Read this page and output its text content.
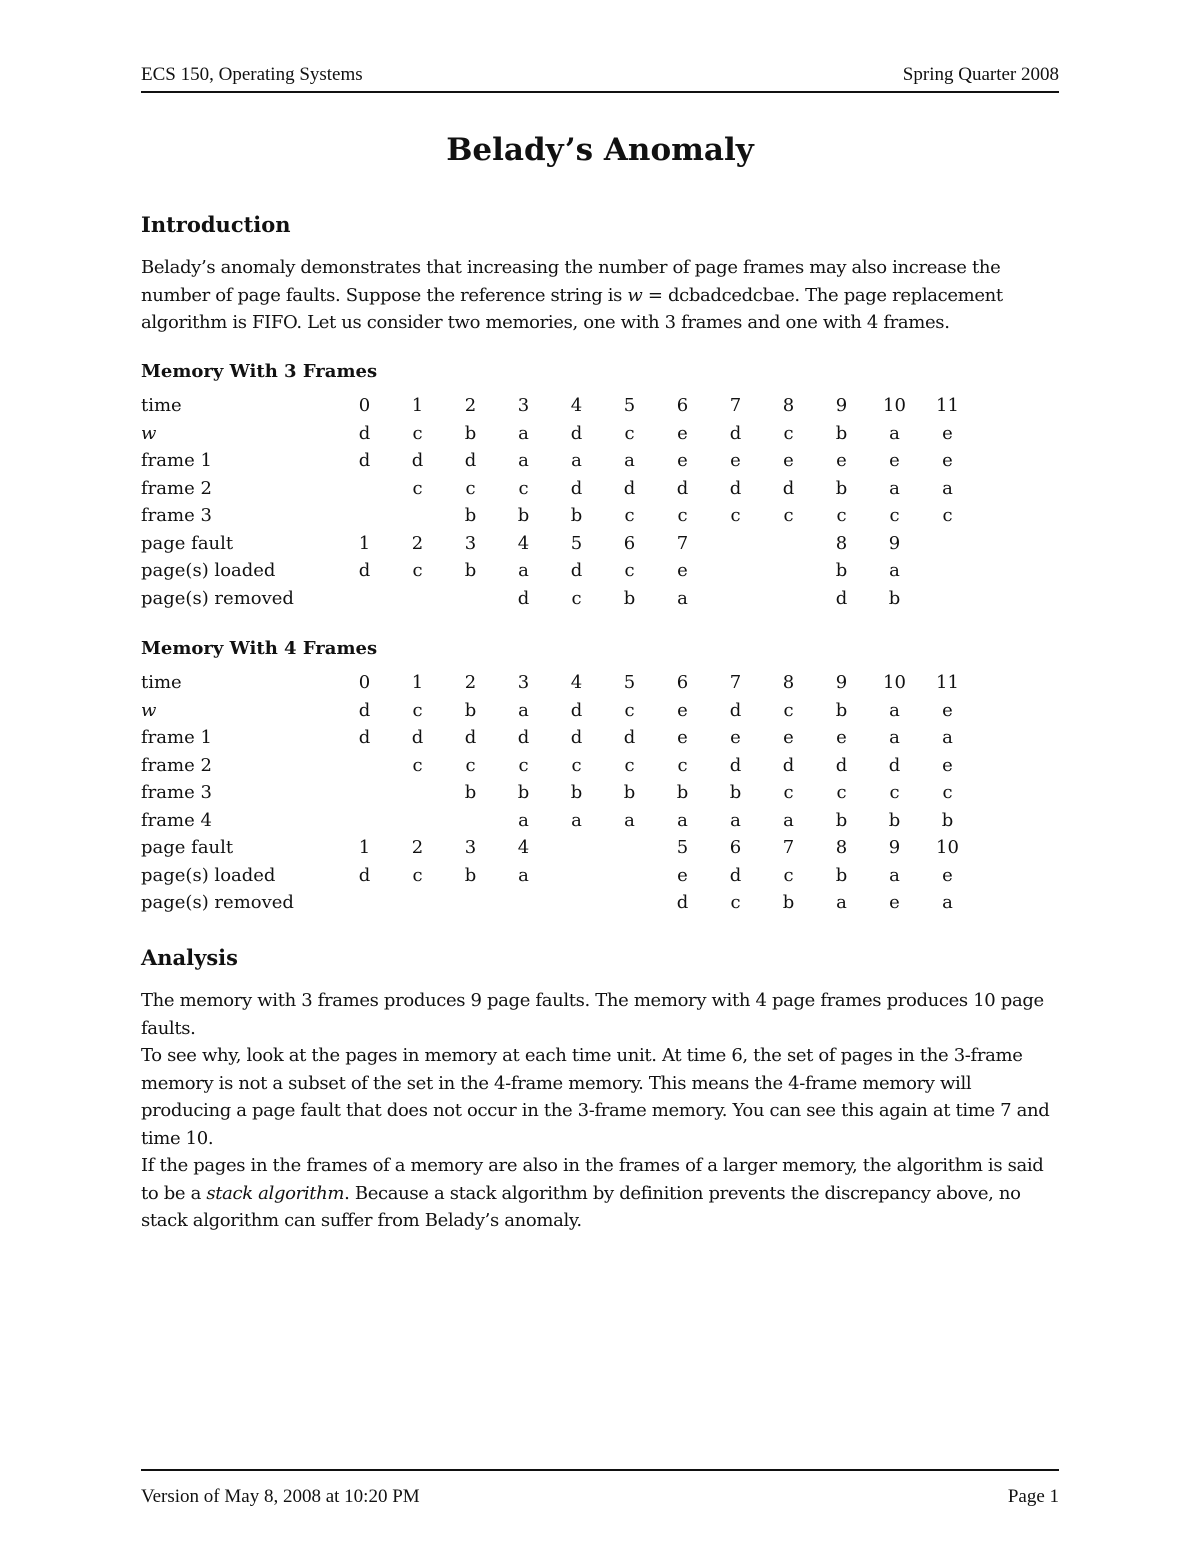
ECS 150, Operating Systems	Spring Quarter 2008
Belady’s Anomaly
Introduction

Belady’s anomaly demonstrates that increasing the number of page frames may also increase the number of page faults. Suppose the reference string is w = dcbadcedcbae. The page replacement algorithm is FIFO. Let us consider two memories, one with 3 frames and one with 4 frames.

Memory With 3 Frames
time	0	1	2	3	4	5	6	7	8	9	10	11
w	d	c	b	a	d	c	e	d	c	b	a	e
frame 1	d	d	d	a	a	a	e	e	e	e	e	e
frame 2		c	c	c	d	d	d	d	d	b	a	a
frame 3			b	b	b	c	c	c	c	c	c	c
page fault	1	2	3	4	5	6	7			8	9	
page(s) loaded	d	c	b	a	d	c	e			b	a	
page(s) removed				d	c	b	a			d	b	
Memory With 4 Frames
time	0	1	2	3	4	5	6	7	8	9	10	11
w	d	c	b	a	d	c	e	d	c	b	a	e
frame 1	d	d	d	d	d	d	e	e	e	e	a	a
frame 2		c	c	c	c	c	c	d	d	d	d	e
frame 3			b	b	b	b	b	b	c	c	c	c
frame 4				a	a	a	a	a	a	b	b	b
page fault	1	2	3	4			5	6	7	8	9	10
page(s) loaded	d	c	b	a			e	d	c	b	a	e
page(s) removed							d	c	b	a	e	a
Analysis

The memory with 3 frames produces 9 page faults. The memory with 4 page frames produces 10 page faults.

To see why, look at the pages in memory at each time unit. At time 6, the set of pages in the 3-frame memory is not a subset of the set in the 4-frame memory. This means the 4-frame memory will producing a page fault that does not occur in the 3-frame memory. You can see this again at time 7 and time 10.

If the pages in the frames of a memory are also in the frames of a larger memory, the algorithm is said to be a stack algorithm. Because a stack algorithm by definition prevents the discrepancy above, no stack algorithm can suffer from Belady’s anomaly.

Version of May 8, 2008 at 10:20 PM	Page 1
